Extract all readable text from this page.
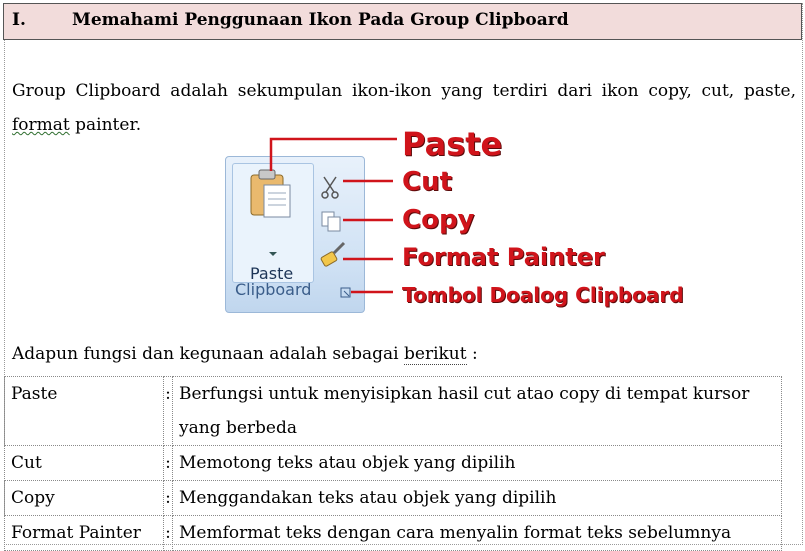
I.	Memahami Penggunaan Ikon Pada Group Clipboard
Group Clipboard adalah sekumpulan ikon-ikon yang terdiri dari ikon copy, cut, paste, format painter.
Paste
Clipboard
Paste
Cut
Copy
Format Painter
Tombol Doalog Clipboard
Adapun fungsi dan kegunaan adalah sebagai berikut :
Paste	:	Berfungsi untuk menyisipkan hasil cut atao copy di tempat kursor yang berbeda
Cut	:	Memotong teks atau objek yang dipilih
Copy	:	Menggandakan teks atau objek yang dipilih
Format Painter	:	Memformat teks dengan cara menyalin format teks sebelumnya
